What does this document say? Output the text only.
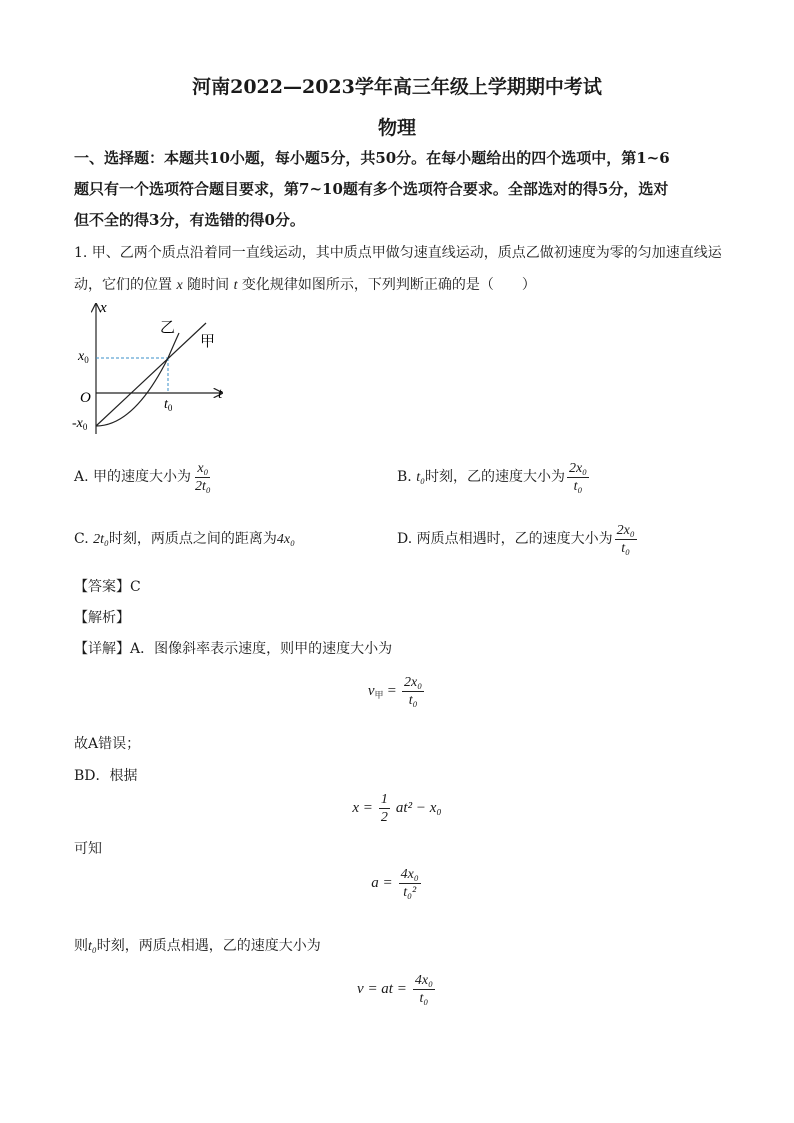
河南2022—2023学年高三年级上学期期中考试
物理
一、选择题：本题共10小题，每小题5分，共50分。在每小题给出的四个选项中，第1~6
题只有一个选项符合题目要求，第7~10题有多个选项符合要求。全部选对的得5分，选对
但不全的得3分，有选错的得0分。
1. 甲、乙两个质点沿着同一直线运动，其中质点甲做匀速直线运动，质点乙做初速度为零的匀加速直线运
动，它们的位置 x 随时间 t 变化规律如图所示，下列判断正确的是（　　）
x
t
O
$x_0$
$-x_0$
$t_0$
乙
甲
A. 甲的速度大小为 $\frac{\text{x₀}}{\text{2t₀}}$	B. t₀时刻，乙的速度大小为 $\frac{\text{2x₀}}{\text{t₀}}$
C. 2t₀时刻，两质点之间的距离为4x₀	D. 两质点相遇时，乙的速度大小为 $\frac{\text{2x₀}}{\text{t₀}}$
【答案】C
【解析】
【详解】A．图像斜率表示速度，则甲的速度大小为
$v_甲 = \frac{\text{2x₀}}{\text{t₀}}$
故A错误；
BD．根据
$x = \frac{1}{2} at^2 - x_0$
可知
$a = \frac{\text{4x₀}}{\text{t₀²}}$
则t₀时刻，两质点相遇，乙的速度大小为
v = at = $\frac{\text{4x₀}}{\text{t₀}}$
